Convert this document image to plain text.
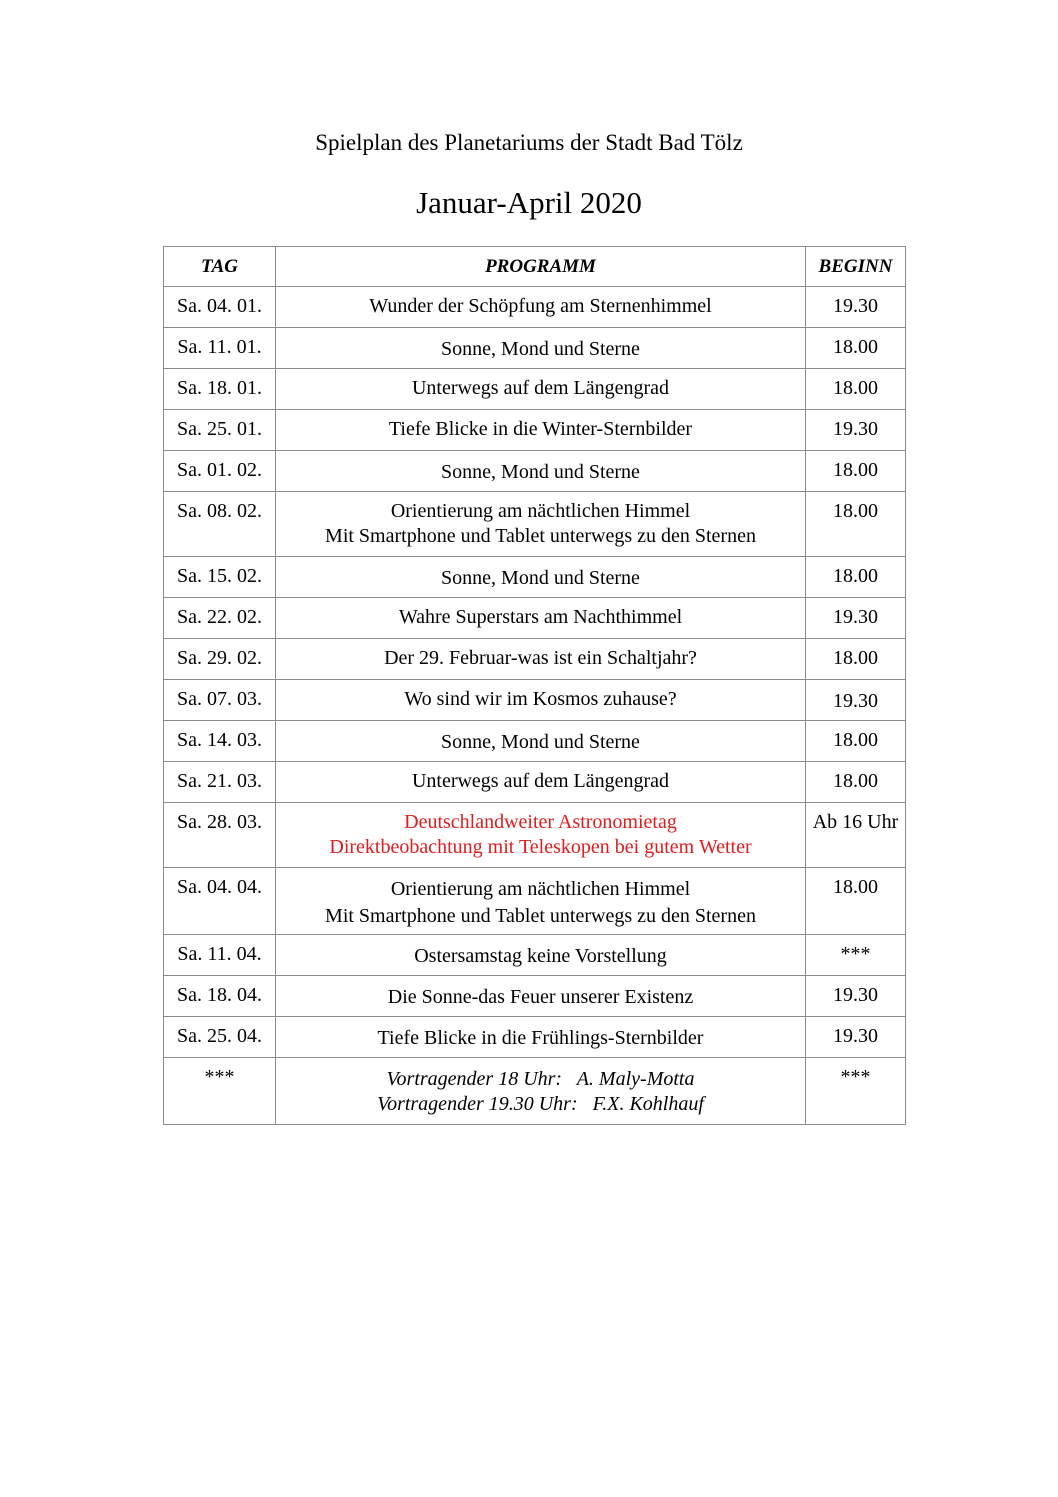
Spielplan des Planetariums der Stadt Bad Tölz
Januar-April 2020
TAG	PROGRAMM	BEGINN

Sa. 04. 01.	Wunder der Schöpfung am Sternenhimmel	19.30

Sa. 11. 01.	Sonne, Mond und Sterne	18.00

Sa. 18. 01.	Unterwegs auf dem Längengrad	18.00

Sa. 25. 01.	Tiefe Blicke in die Winter-Sternbilder	19.30

Sa. 01. 02.	Sonne, Mond und Sterne	18.00

Sa. 08. 02.	Orientierung am nächtlichen Himmel
Mit Smartphone und Tablet unterwegs zu den Sternen	18.00

Sa. 15. 02.	Sonne, Mond und Sterne	18.00

Sa. 22. 02.	Wahre Superstars am Nachthimmel	19.30

Sa. 29. 02.	Der 29. Februar-was ist ein Schaltjahr?	18.00

Sa. 07. 03.	Wo sind wir im Kosmos zuhause?	19.30

Sa. 14. 03.	Sonne, Mond und Sterne	18.00

Sa. 21. 03.	Unterwegs auf dem Längengrad	18.00

Sa. 28. 03.	Deutschlandweiter Astronomietag
Direktbeobachtung mit Teleskopen bei gutem Wetter	Ab 16 Uhr

Sa. 04. 04.	Orientierung am nächtlichen Himmel
Mit Smartphone und Tablet unterwegs zu den Sternen	18.00

Sa. 11. 04.	Ostersamstag keine Vorstellung	***

Sa. 18. 04.	Die Sonne-das Feuer unserer Existenz	19.30

Sa. 25. 04.	Tiefe Blicke in die Frühlings-Sternbilder	19.30

***	Vortragender 18 Uhr:   A. Maly-Motta
Vortragender 19.30 Uhr:   F.X. Kohlhauf	***
